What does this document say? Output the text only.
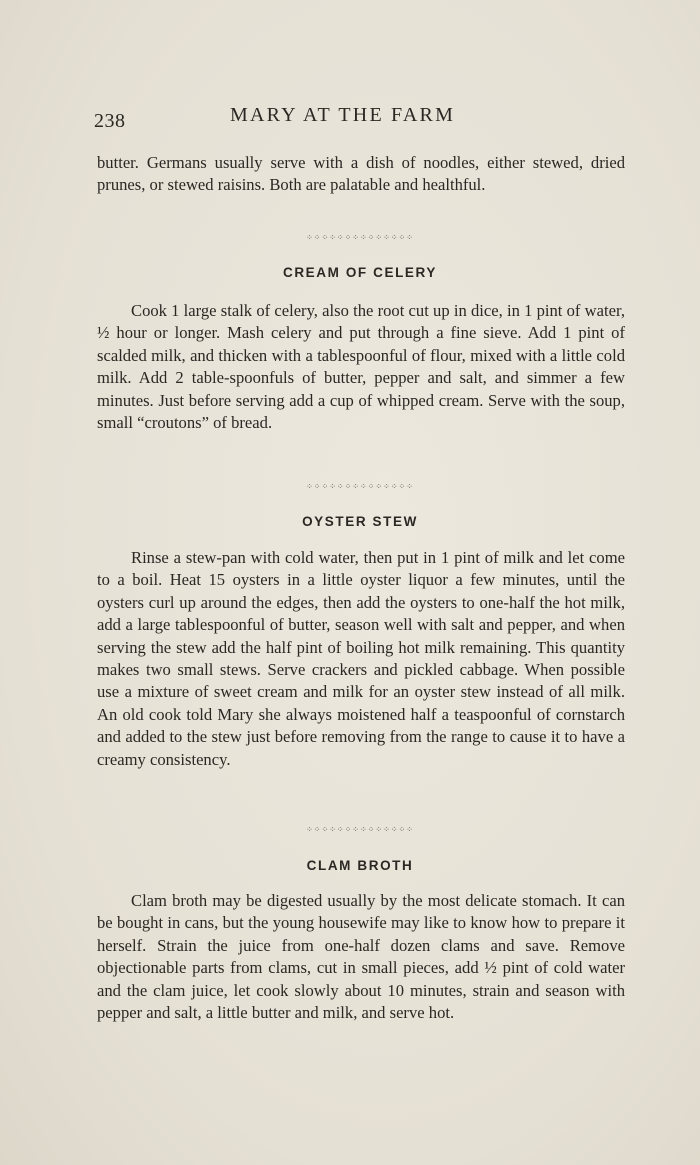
238	MARY AT THE FARM

butter. Germans usually serve with a dish of noodles, either stewed, dried prunes, or stewed raisins. Both are palatable and healthful.

⁘⁘⁘⁘⁘⁘⁘⁘⁘⁘⁘⁘⁘⁘
CREAM OF CELERY

Cook 1 large stalk of celery, also the root cut up in dice, in 1 pint of water, ½ hour or longer. Mash celery and put through a fine sieve. Add 1 pint of scalded milk, and thicken with a tablespoonful of flour, mixed with a little cold milk. Add 2 table-spoonfuls of butter, pepper and salt, and simmer a few minutes. Just before serving add a cup of whipped cream. Serve with the soup, small “croutons” of bread.

⁘⁘⁘⁘⁘⁘⁘⁘⁘⁘⁘⁘⁘⁘
OYSTER STEW

Rinse a stew-pan with cold water, then put in 1 pint of milk and let come to a boil. Heat 15 oysters in a little oyster liquor a few minutes, until the oysters curl up around the edges, then add the oysters to one-half the hot milk, add a large tablespoonful of butter, season well with salt and pepper, and when serving the stew add the half pint of boiling hot milk remaining. This quantity makes two small stews. Serve crackers and pickled cabbage. When possible use a mixture of sweet cream and milk for an oyster stew instead of all milk. An old cook told Mary she always moistened half a teaspoonful of cornstarch and added to the stew just before removing from the range to cause it to have a creamy consistency.

⁘⁘⁘⁘⁘⁘⁘⁘⁘⁘⁘⁘⁘⁘
CLAM BROTH

Clam broth may be digested usually by the most delicate stomach. It can be bought in cans, but the young housewife may like to know how to prepare it herself. Strain the juice from one-half dozen clams and save. Remove objectionable parts from clams, cut in small pieces, add ½ pint of cold water and the clam juice, let cook slowly about 10 minutes, strain and season with pepper and salt, a little butter and milk, and serve hot.
